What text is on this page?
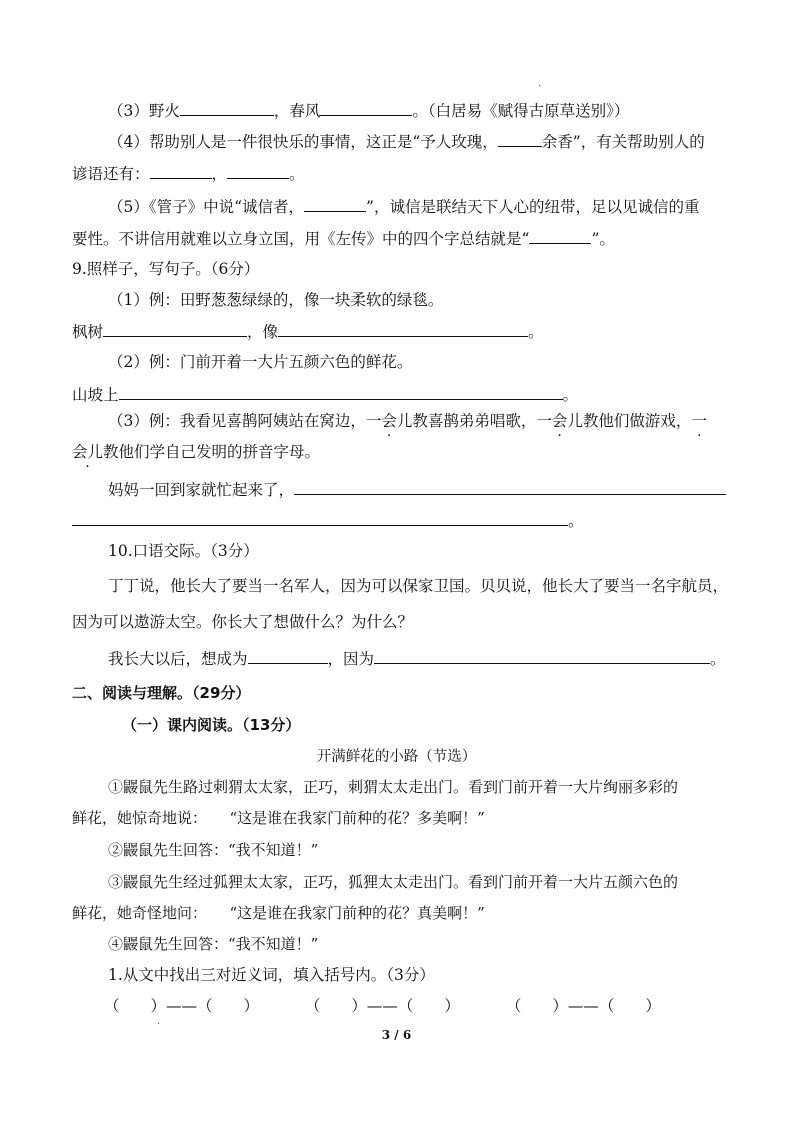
.
（3）野火	，春风	。（白居易《赋得古原草送别》）
（4）帮助别人是一件很快乐的事情，这正是“予人玫瑰，	余香”，有关帮助别人的
谚语还有：	，	。
（5）《管子》中说“诚信者，	”，诚信是联结天下人心的纽带，足以见诚信的重
要性。不讲信用就难以立身立国，用《左传》中的四个字总结就是“	”。
9.照样子，写句子。（6分）
（1）例：田野葱葱绿绿的，像一块柔软的绿毯。
枫树	，像	。
（2）例：门前开着一大片五颜六色的鲜花。
山坡上	。
（3）例：我看见喜鹊阿姨站在窝边，一会儿教喜鹊弟弟唱歌，一会儿教他们做游戏，一
会儿教他们学自己发明的拼音字母。
妈妈一回到家就忙起来了，
。
10.口语交际。（3分）
丁丁说，他长大了要当一名军人，因为可以保家卫国。贝贝说，他长大了要当一名宇航员，
因为可以遨游太空。你长大了想做什么？为什么？
我长大以后，想成为	，因为	。
二、阅读与理解。（29分）
（一）课内阅读。（13分）
开满鲜花的小路（节选）
①鼹鼠先生路过刺猬太太家，正巧，刺猬太太走出门。看到门前开着一大片绚丽多彩的
鲜花，她惊奇地说：　　“这是谁在我家门前种的花？多美啊！”
②鼹鼠先生回答：“我不知道！”
③鼹鼠先生经过狐狸太太家，正巧，狐狸太太走出门。看到门前开着一大片五颜六色的
鲜花，她奇怪地问：　　“这是谁在我家门前种的花？真美啊！”
④鼹鼠先生回答：“我不知道！”
1.从文中找出三对近义词，填入括号内。（3分）
（　　）——（　　）	（　　）——（　　）	（　　）——（　　）
.
3 / 6
